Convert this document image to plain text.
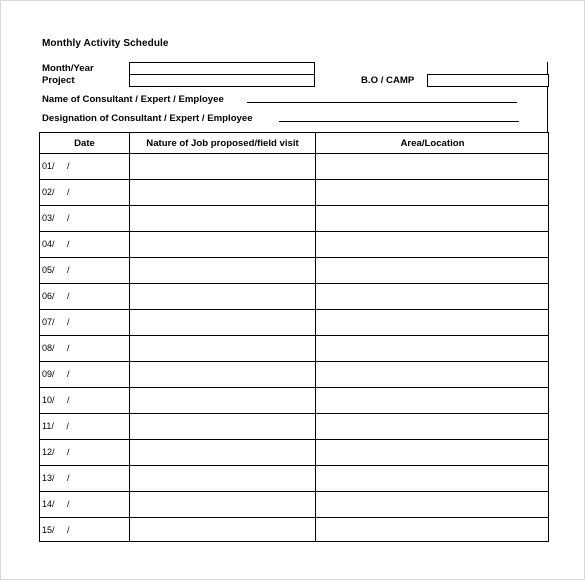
Monthly Activity Schedule
Month/Year
Project	B.O / CAMP
Name of Consultant / Expert / Employee
Designation of Consultant / Expert / Employee
Date	Nature of Job proposed/field visit	Area/Location
01/     /
02/     /
03/     /
04/     /
05/     /
06/     /
07/     /
08/     /
09/     /
10/     /
11/     /
12/     /
13/     /
14/     /
15/     /
